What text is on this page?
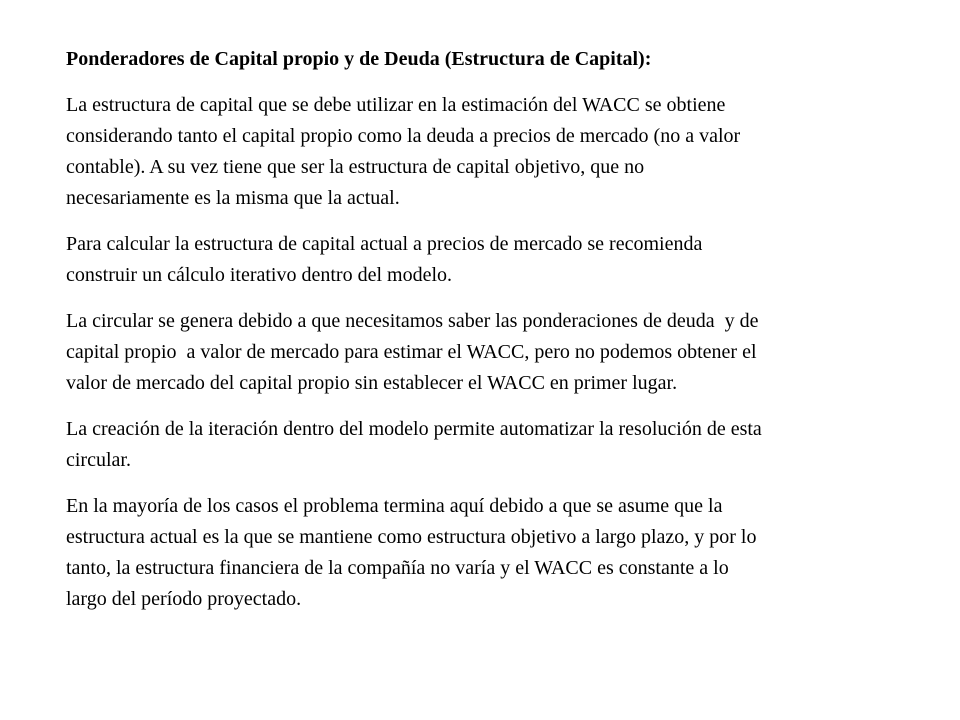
Ponderadores de Capital propio y de Deuda (Estructura de Capital):
La estructura de capital que se debe utilizar en la estimación del WACC se obtiene
considerando tanto el capital propio como la deuda a precios de mercado (no a valor
contable). A su vez tiene que ser la estructura de capital objetivo, que no
necesariamente es la misma que la actual.
Para calcular la estructura de capital actual a precios de mercado se recomienda
construir un cálculo iterativo dentro del modelo.
La circular se genera debido a que necesitamos saber las ponderaciones de deuda  y de
capital propio  a valor de mercado para estimar el WACC, pero no podemos obtener el
valor de mercado del capital propio sin establecer el WACC en primer lugar.
La creación de la iteración dentro del modelo permite automatizar la resolución de esta
circular.
En la mayoría de los casos el problema termina aquí debido a que se asume que la
estructura actual es la que se mantiene como estructura objetivo a largo plazo, y por lo
tanto, la estructura financiera de la compañía no varía y el WACC es constante a lo
largo del período proyectado.
